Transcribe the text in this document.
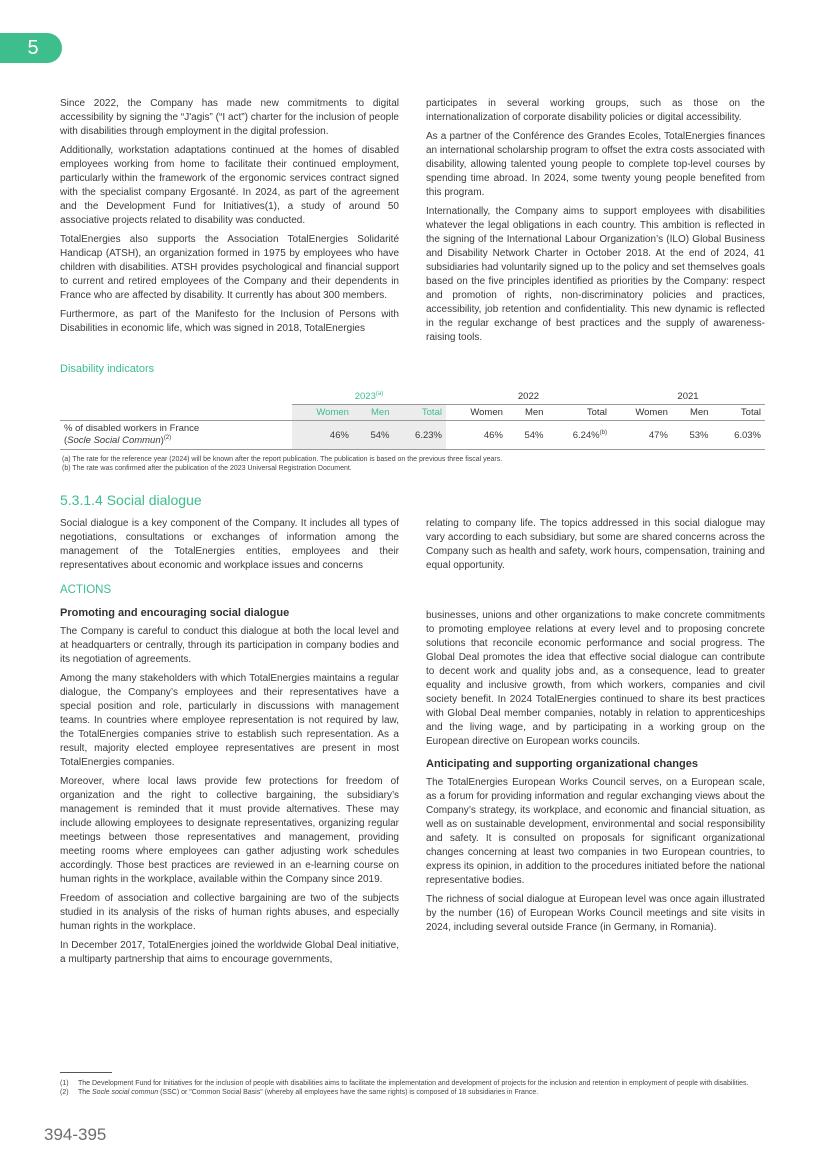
5

Since 2022, the Company has made new commitments to digital accessibility by signing the “J'agis” (“I act”) charter for the inclusion of people with disabilities through employment in the digital profession.

Additionally, workstation adaptations continued at the homes of disabled employees working from home to facilitate their continued employment, particularly within the framework of the ergonomic services contract signed with the specialist company Ergosanté. In 2024, as part of the agreement and the Development Fund for Initiatives(1), a study of around 50 associative projects related to disability was conducted.

TotalEnergies also supports the Association TotalEnergies Solidarité Handicap (ATSH), an organization formed in 1975 by employees who have children with disabilities. ATSH provides psychological and financial support to current and retired employees of the Company and their dependents in France who are affected by disability. It currently has about 300 members.

Furthermore, as part of the Manifesto for the Inclusion of Persons with Disabilities in economic life, which was signed in 2018, TotalEnergies

participates in several working groups, such as those on the internationalization of corporate disability policies or digital accessibility.

As a partner of the Conférence des Grandes Ecoles, TotalEnergies finances an international scholarship program to offset the extra costs associated with disability, allowing talented young people to complete top-level courses by spending time abroad. In 2024, some twenty young people benefited from this program.

Internationally, the Company aims to support employees with disabilities whatever the legal obligations in each country. This ambition is reflected in the signing of the International Labour Organization’s (ILO) Global Business and Disability Network Charter in October 2018. At the end of 2024, 41 subsidiaries had voluntarily signed up to the policy and set themselves goals based on the five principles identified as priorities by the Company: respect and promotion of rights, non-discriminatory policies and practices, accessibility, job retention and confidentiality. This new dynamic is reflected in the regular exchange of best practices and the supply of awareness-raising tools.

Disability indicators
	2023$^{(a)}$			2022			2021		
	Women	Men	Total	Women	Men	Total	Women	Men	Total
% of disabled workers in France
(Socle Social Commun)$^{(2)}$	46%	54%	6.23%	46%	54%	6.24%$^{(b)}$	47%	53%	6.03%
(a) The rate for the reference year (2024) will be known after the report publication. The publication is based on the previous three fiscal years.
(b) The rate was confirmed after the publication of the 2023 Universal Registration Document.
5.3.1.4 Social dialogue

Social dialogue is a key component of the Company. It includes all types of negotiations, consultations or exchanges of information among the management of the TotalEnergies entities, employees and their representatives about economic and workplace issues and concerns

relating to company life. The topics addressed in this social dialogue may vary according to each subsidiary, but some are shared concerns across the Company such as health and safety, work hours, compensation, training and equal opportunity.

ACTIONS
Promoting and encouraging social dialogue

The Company is careful to conduct this dialogue at both the local level and at headquarters or centrally, through its participation in company bodies and its negotiation of agreements.

Among the many stakeholders with which TotalEnergies maintains a regular dialogue, the Company’s employees and their representatives have a special position and role, particularly in discussions with management teams. In countries where employee representation is not required by law, the TotalEnergies companies strive to establish such representation. As a result, majority elected employee representatives are present in most TotalEnergies companies.

Moreover, where local laws provide few protections for freedom of organization and the right to collective bargaining, the subsidiary’s management is reminded that it must provide alternatives. These may include allowing employees to designate representatives, organizing regular meetings between those representatives and management, providing meeting rooms where employees can gather adjusting work schedules accordingly. Those best practices are reviewed in an e-learning course on human rights in the workplace, available within the Company since 2019.

Freedom of association and collective bargaining are two of the subjects studied in its analysis of the risks of human rights abuses, and especially human rights in the workplace.

In December 2017, TotalEnergies joined the worldwide Global Deal initiative, a multiparty partnership that aims to encourage governments,

businesses, unions and other organizations to make concrete commitments to promoting employee relations at every level and to proposing concrete solutions that reconcile economic performance and social progress. The Global Deal promotes the idea that effective social dialogue can contribute to decent work and quality jobs and, as a consequence, lead to greater equality and inclusive growth, from which workers, companies and civil society benefit. In 2024 TotalEnergies continued to share its best practices with Global Deal member companies, notably in relation to apprenticeships and the living wage, and by participating in a working group on the European directive on European works councils.

Anticipating and supporting organizational changes

The TotalEnergies European Works Council serves, on a European scale, as a forum for providing information and regular exchanging views about the Company’s strategy, its workplace, and economic and financial situation, as well as on sustainable development, environmental and social responsibility and safety. It is consulted on proposals for significant organizational changes concerning at least two companies in two European countries, to express its opinion, in addition to the procedures initiated before the national representative bodies.

The richness of social dialogue at European level was once again illustrated by the number (16) of European Works Council meetings and site visits in 2024, including several outside France (in Germany, in Romania).

(1)	The Development Fund for Initiatives for the inclusion of people with disabilities aims to facilitate the implementation and development of projects for the inclusion and retention in employment of people with disabilities.
(2)	The Socle social commun (SSC) or "Common Social Basis" (whereby all employees have the same rights) is composed of 18 subsidiaries in France.
394-395
